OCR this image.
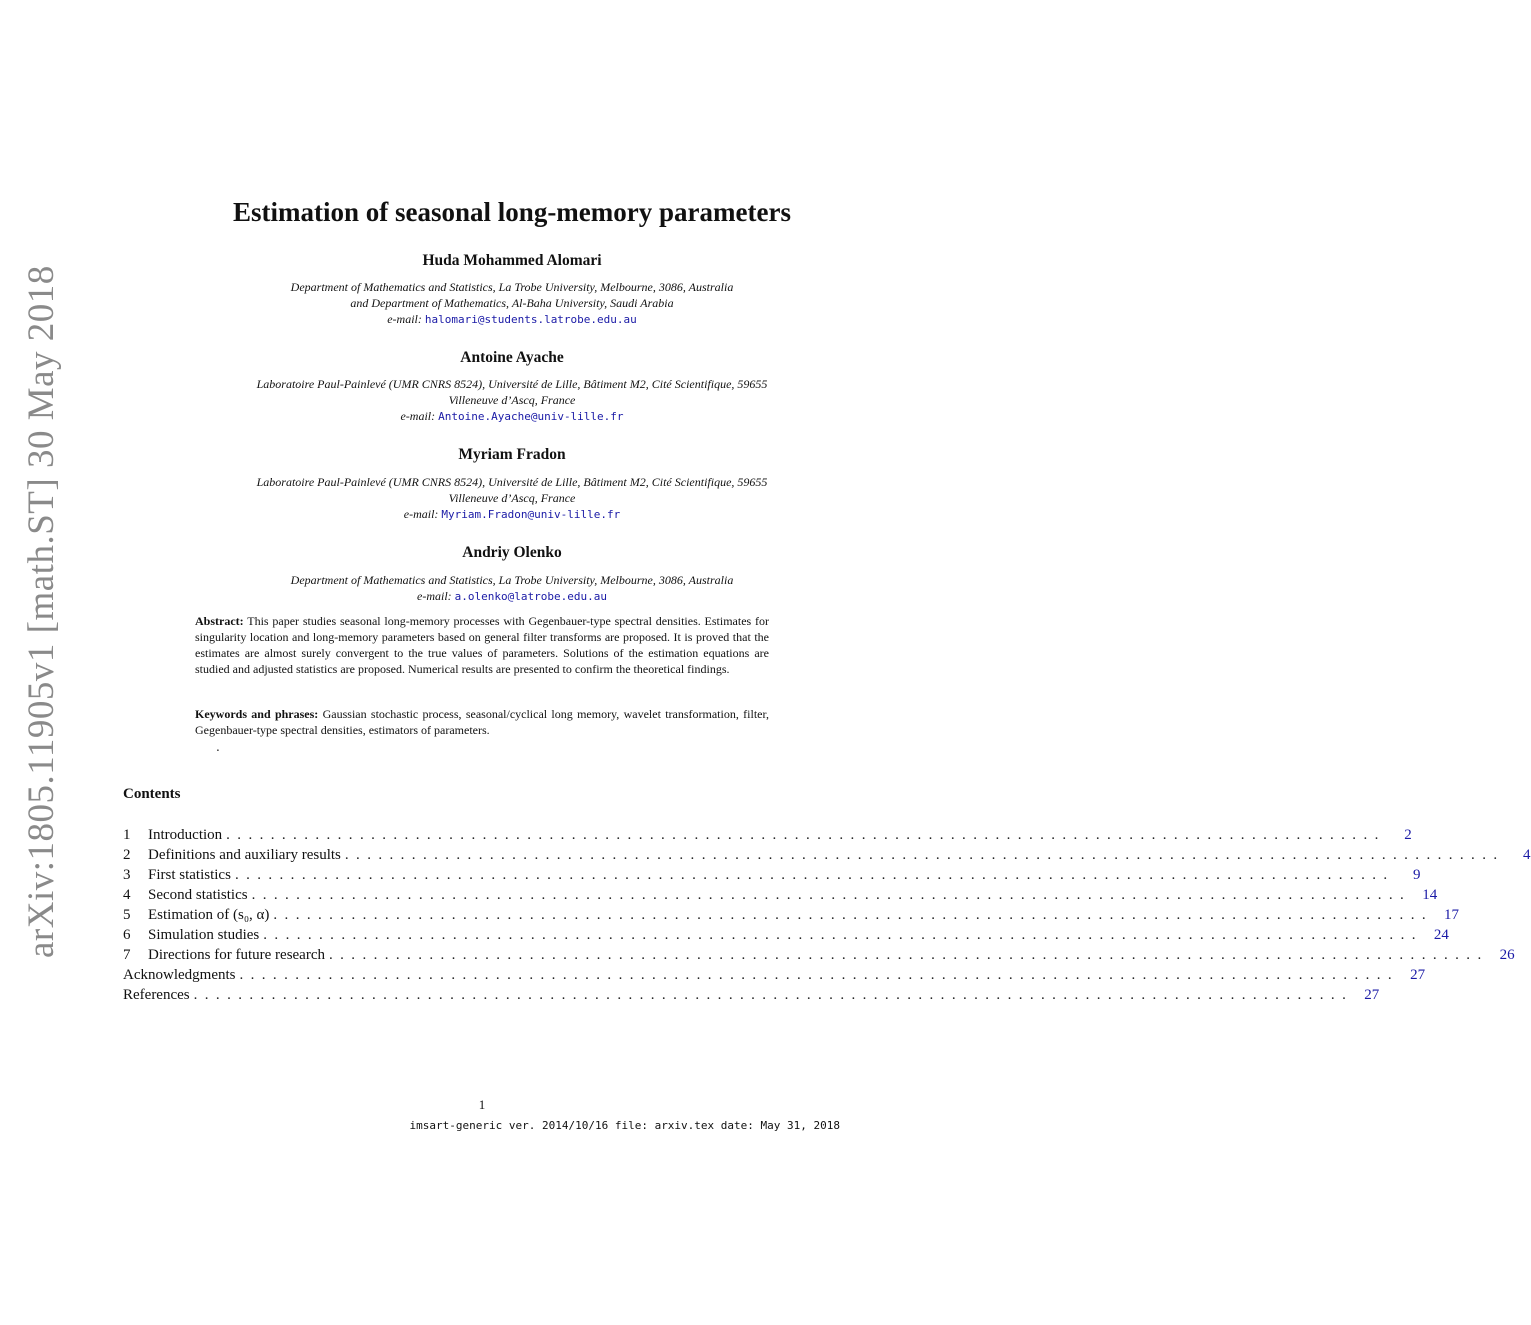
arXiv:1805.11905v1 [math.ST] 30 May 2018
Estimation of seasonal long-memory parameters
Huda Mohammed Alomari
Department of Mathematics and Statistics, La Trobe University, Melbourne, 3086, Australia
and Department of Mathematics, Al-Baha University, Saudi Arabia
e-mail: halomari@students.latrobe.edu.au
Antoine Ayache
Laboratoire Paul-Painlevé (UMR CNRS 8524), Université de Lille, Bâtiment M2, Cité Scientifique, 59655
Villeneuve d’Ascq, France
e-mail: Antoine.Ayache@univ-lille.fr
Myriam Fradon
Laboratoire Paul-Painlevé (UMR CNRS 8524), Université de Lille, Bâtiment M2, Cité Scientifique, 59655
Villeneuve d’Ascq, France
e-mail: Myriam.Fradon@univ-lille.fr
Andriy Olenko
Department of Mathematics and Statistics, La Trobe University, Melbourne, 3086, Australia
e-mail: a.olenko@latrobe.edu.au
Abstract: This paper studies seasonal long-memory processes with Gegenbauer-type spectral densities. Estimates for singularity location and long-memory parameters based on general filter transforms are proposed. It is proved that the estimates are almost surely convergent to the true values of parameters. Solutions of the estimation equations are studied and adjusted statistics are proposed. Numerical results are presented to confirm the theoretical findings.
Keywords and phrases: Gaussian stochastic process, seasonal/cyclical long memory, wavelet transformation, filter, Gegenbauer-type spectral densities, estimators of parameters.
.
Contents
1	Introduction ........................................................................................................	2
2	Definitions and auxiliary results ........................................................................................................	4
3	First statistics ........................................................................................................	9
4	Second statistics ........................................................................................................ 14
5	Estimation of (s₀, α) ........................................................................................................ 17
6	Simulation studies ........................................................................................................ 24
7	Directions for future research ........................................................................................................ 26
Acknowledgments ........................................................................................................ 27
References ........................................................................................................ 27
1
imsart-generic ver. 2014/10/16 file: arxiv.tex date: May 31, 2018
